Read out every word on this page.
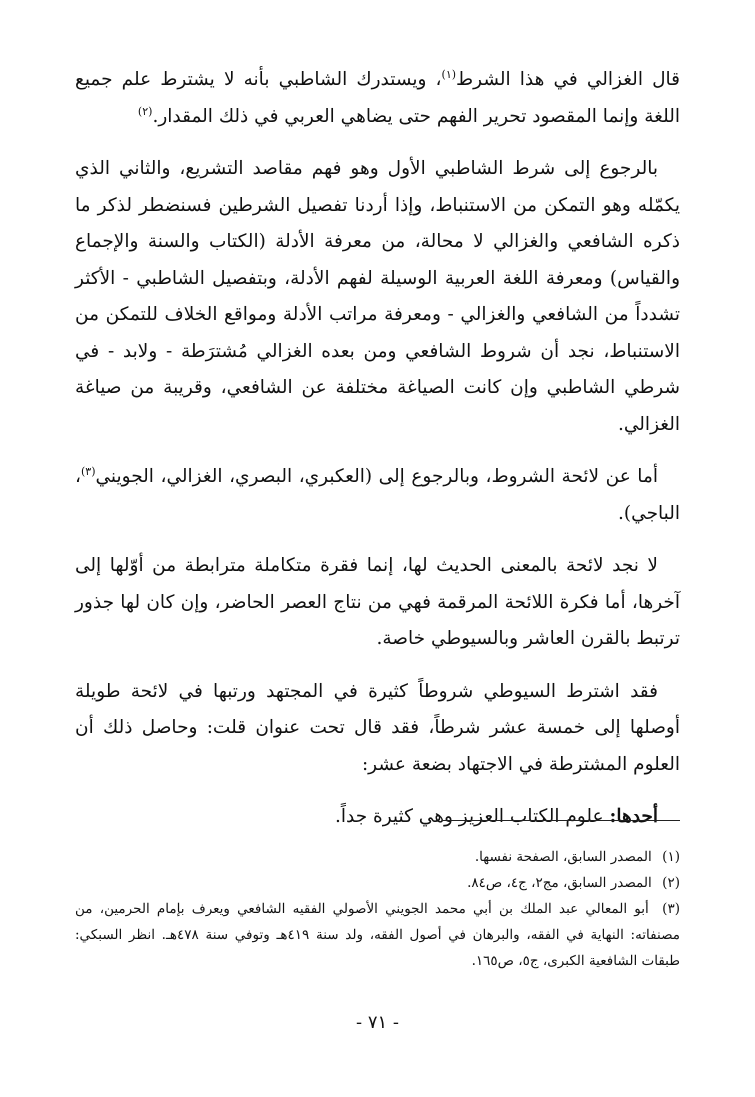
قال الغزالي في هذا الشرط$^{(١)}$، ويستدرك الشاطبي بأنه لا يشترط علم جميع اللغة وإنما المقصود تحرير الفهم حتى يضاهي العربي في ذلك المقدار.$^{(٢)}$

بالرجوع إلى شرط الشاطبي الأول وهو فهم مقاصد التشريع، والثاني الذي يكمّله وهو التمكن من الاستنباط، وإذا أردنا تفصيل الشرطين فسنضطر لذكر ما ذكره الشافعي والغزالي لا محالة، من معرفة الأدلة (الكتاب والسنة والإجماع والقياس) ومعرفة اللغة العربية الوسيلة لفهم الأدلة، وبتفصيل الشاطبي - الأكثر تشدداً من الشافعي والغزالي - ومعرفة مراتب الأدلة ومواقع الخلاف للتمكن من الاستنباط، نجد أن شروط الشافعي ومن بعده الغزالي مُشترَطة - ولابد - في شرطي الشاطبي وإن كانت الصياغة مختلفة عن الشافعي، وقريبة من صياغة الغزالي.

أما عن لائحة الشروط، وبالرجوع إلى (العكبري، البصري، الغزالي، الجويني$^{(٣)}$، الباجي).

لا نجد لائحة بالمعنى الحديث لها، إنما فقرة متكاملة مترابطة من أوّلها إلى آخرها، أما فكرة اللائحة المرقمة فهي من نتاج العصر الحاضر، وإن كان لها جذور ترتبط بالقرن العاشر وبالسيوطي خاصة.

فقد اشترط السيوطي شروطاً كثيرة في المجتهد ورتبها في لائحة طويلة أوصلها إلى خمسة عشر شرطاً، فقد قال تحت عنوان قلت: وحاصل ذلك أن العلوم المشترطة في الاجتهاد بضعة عشر:

أحدها: علوم الكتاب العزيز وهي كثيرة جداً.

(١) المصدر السابق، الصفحة نفسها.

(٢) المصدر السابق، مج٢، ج٤، ص٨٤.

(٣) أبو المعالي عبد الملك بن أبي محمد الجويني الأصولي الفقيه الشافعي ويعرف بإمام الحرمين، من مصنفاته: النهاية في الفقه، والبرهان في أصول الفقه، ولد سنة ٤١٩هـ وتوفي سنة ٤٧٨هـ. انظر السبكي: طبقات الشافعية الكبرى، ج٥، ص١٦٥.

- ٧١ -
